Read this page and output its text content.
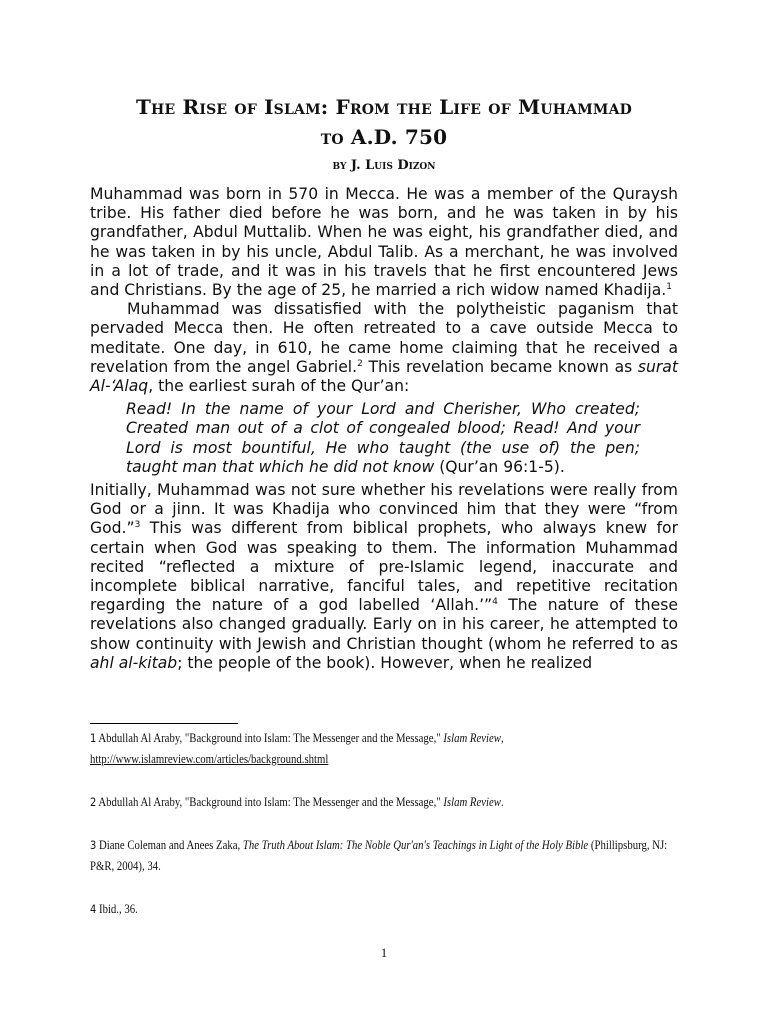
The Rise of Islam: From the Life of Muhammad
to A.D. 750
by J. Luis Dizon

Muhammad was born in 570 in Mecca. He was a member of the Quraysh tribe. His father died before he was born, and he was taken in by his grandfather, Abdul Muttalib. When he was eight, his grandfather died, and he was taken in by his uncle, Abdul Talib. As a merchant, he was involved in a lot of trade, and it was in his travels that he first encountered Jews and Christians. By the age of 25, he married a rich widow named Khadija.$^1$

Muhammad was dissatisfied with the polytheistic paganism that pervaded Mecca then. He often retreated to a cave outside Mecca to meditate. One day, in 610, he came home claiming that he received a revelation from the angel Gabriel.$^2$ This revelation became known as surat Al-‘Alaq, the earliest surah of the Qur’an:

Read! In the name of your Lord and Cherisher, Who created; Created man out of a clot of congealed blood; Read! And your Lord is most bountiful, He who taught (the use of) the pen; taught man that which he did not know (Qur’an 96:1-5).

Initially, Muhammad was not sure whether his revelations were really from God or a jinn. It was Khadija who convinced him that they were “from God.”$^3$ This was different from biblical prophets, who always knew for certain when God was speaking to them. The information Muhammad recited “reflected a mixture of pre-Islamic legend, inaccurate and incomplete biblical narrative, fanciful tales, and repetitive recitation regarding the nature of a god labelled ‘Allah.’”$^4$ The nature of these revelations also changed gradually. Early on in his career, he attempted to show continuity with Jewish and Christian thought (whom he referred to as ahl al-kitab; the people of the book). However, when he realized

1 Abdullah Al Araby, "Background into Islam: The Messenger and the Message," Islam Review,
http://www.islamreview.com/articles/background.shtml

2 Abdullah Al Araby, "Background into Islam: The Messenger and the Message," Islam Review.

3 Diane Coleman and Anees Zaka, The Truth About Islam: The Noble Qur'an's Teachings in Light of the Holy Bible (Phillipsburg, NJ: P&R, 2004), 34.

4 Ibid., 36.

1
